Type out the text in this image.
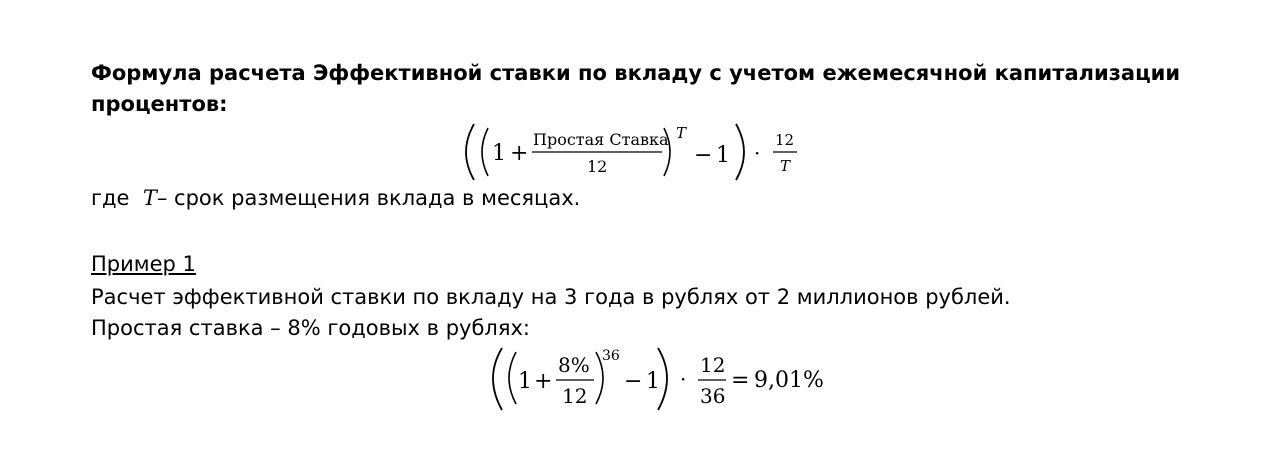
Формула расчета Эффективной ставки по вкладу с учетом ежемесячной капитализации процентов:

1 +
Простая Ставка
12
T
− 1 ·
12
T

где T– срок размещения вклада в месяцах.

Пример 1

Расчет эффективной ставки по вкладу на 3 года в рублях от 2 миллионов рублей.

Простая ставка – 8% годовых в рублях:

1 +
8%
12
36
− 1 ·
12
36
= 9,01%
